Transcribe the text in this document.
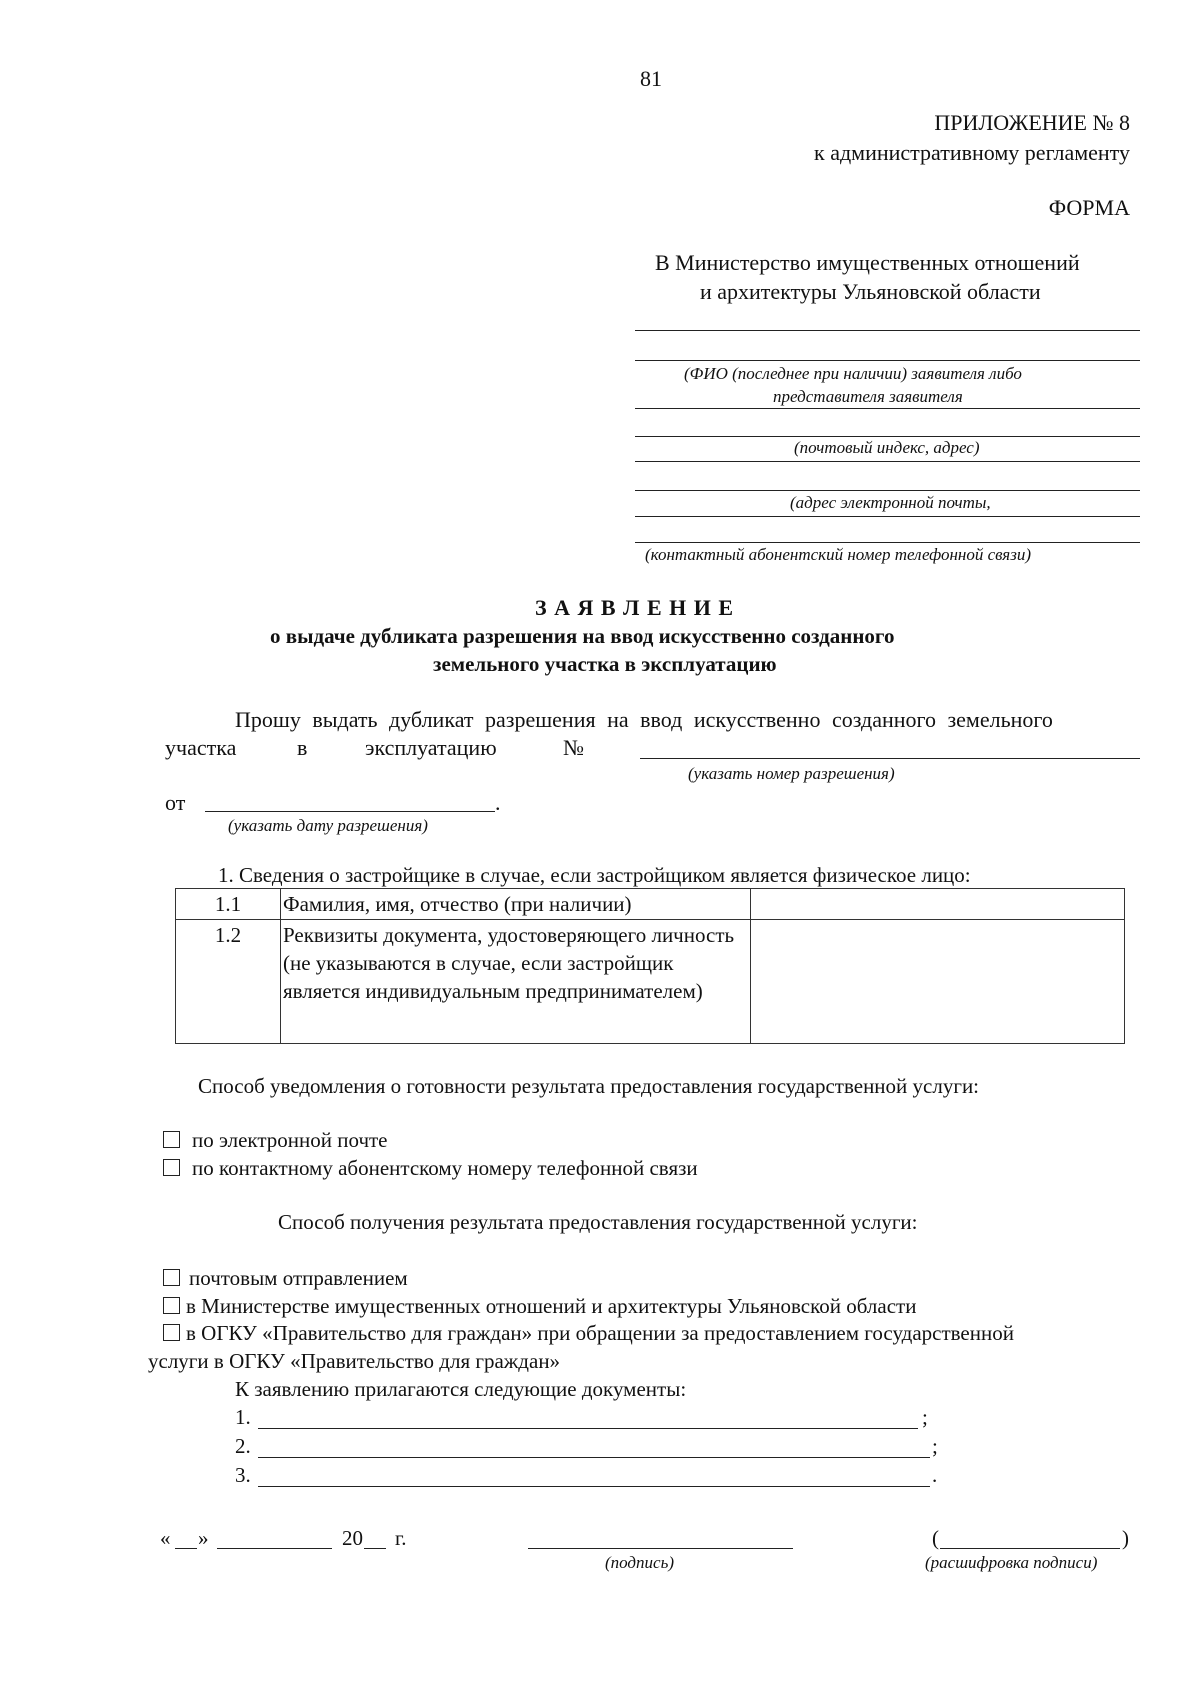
81
ПРИЛОЖЕНИЕ № 8
к административному регламенту
ФОРМА
В Министерство имущественных отношений
и архитектуры Ульяновской области
(ФИО (последнее при наличии) заявителя либо
представителя заявителя
(почтовый индекс, адрес)
(адрес электронной почты,
(контактный абонентский номер телефонной связи)
З А Я В Л Е Н И Е
о выдаче дубликата разрешения на ввод искусственно созданного
земельного участка в эксплуатацию
Прошу выдать дубликат разрешения на ввод искусственно созданного земельного
участка	в	эксплуатацию	№
(указать номер разрешения)
от	.
(указать дату разрешения)
1. Сведения о застройщике в случае, если застройщиком является физическое лицо:
1.1	Фамилия, имя, отчество (при наличии)	
1.2	Реквизиты документа, удостоверяющего личность (не указываются в случае, если застройщик является индивидуальным предпринимателем)	
Способ уведомления о готовности результата предоставления государственной услуги:
по электронной почте
по контактному абонентскому номеру телефонной связи
Способ получения результата предоставления государственной услуги:
почтовым отправлением
в Министерстве имущественных отношений и архитектуры Ульяновской области
в ОГКУ «Правительство для граждан» при обращении за предоставлением государственной
услуги в ОГКУ «Правительство для граждан»
К заявлению прилагаются следующие документы:
1.	;
2.	;
3.	.
« »	20 г.
(подпись)
(	)
(расшифровка подписи)
